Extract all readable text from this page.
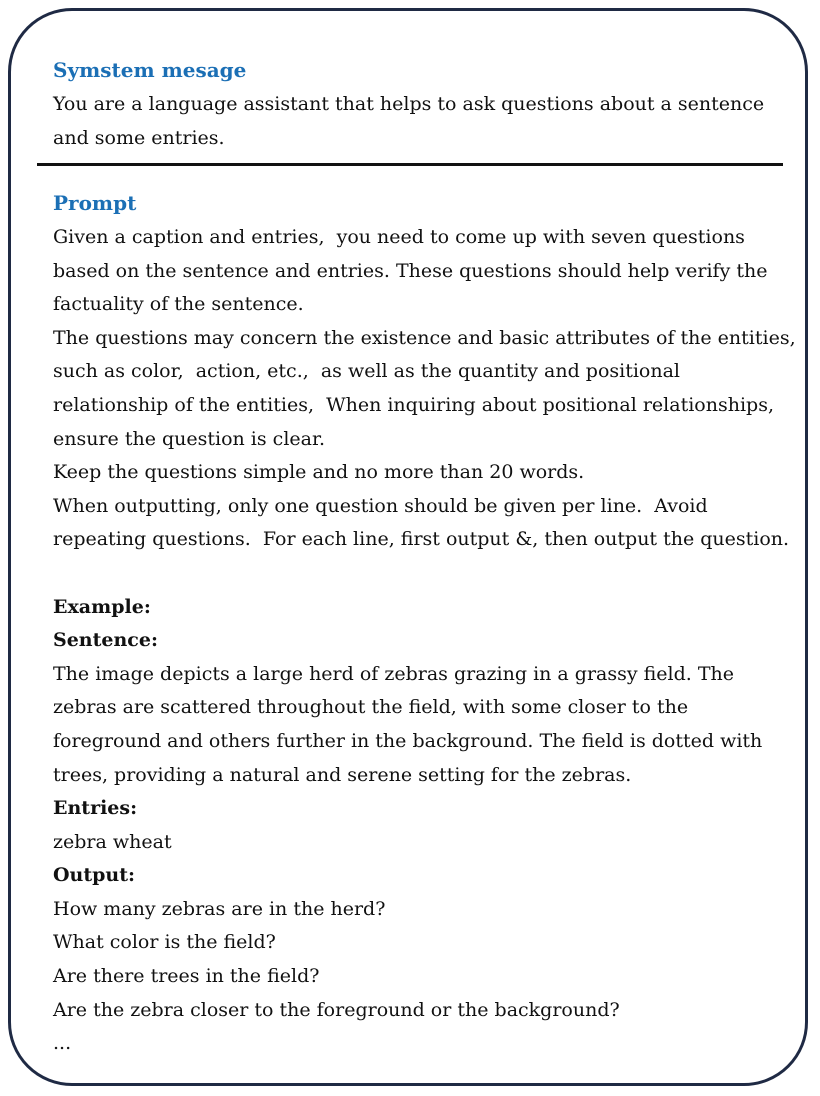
Symstem mesage
You are a language assistant that helps to ask questions about a sentence
and some entries.
Prompt
Given a caption and entries,  you need to come up with seven questions
based on the sentence and entries. These questions should help verify the
factuality of the sentence.
The questions may concern the existence and basic attributes of the entities,
such as color,  action, etc.,  as well as the quantity and positional
relationship of the entities,  When inquiring about positional relationships,
ensure the question is clear.
Keep the questions simple and no more than 20 words.
When outputting, only one question should be given per line.  Avoid
repeating questions.  For each line, first output &, then output the question.
Example:
Sentence:
The image depicts a large herd of zebras grazing in a grassy field. The
zebras are scattered throughout the field, with some closer to the
foreground and others further in the background. The field is dotted with
trees, providing a natural and serene setting for the zebras.
Entries:
zebra wheat
Output:
How many zebras are in the herd?
What color is the field?
Are there trees in the field?
Are the zebra closer to the foreground or the background?
...
